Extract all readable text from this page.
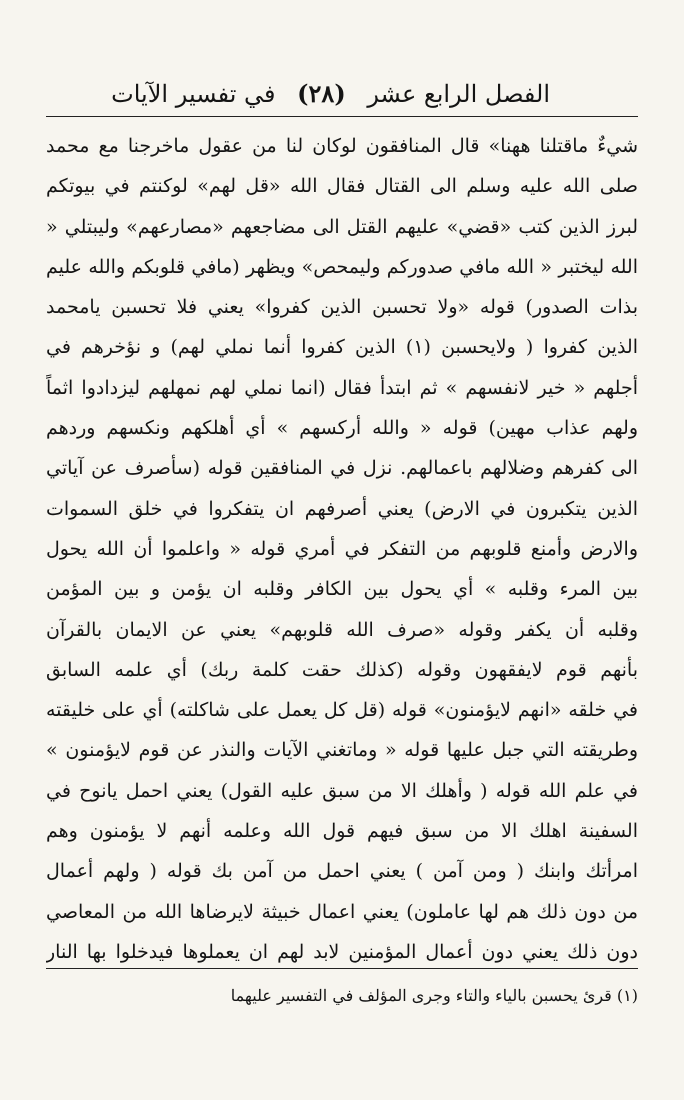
الفصل الرابع عشر (٢٨) في تفسير الآيات
شيءٌ ماقتلنا ههنا» قال المنافقون لوكان لنا من عقول ماخرجنا مع محمد
صلى الله عليه وسلم الى القتال فقال الله «قل لهم» لوكنتم في بيوتكم
لبرز الذين كتب «قضي» عليهم القتل الى مضاجعهم «مصارعهم» وليبتلي «
الله ليختبر « الله مافي صدوركم وليمحص» ويظهر (مافي قلوبكم والله عليم
بذات الصدور) قوله «ولا تحسبن الذين كفروا» يعني فلا تحسبن يامحمد
الذين كفروا ( ولايحسبن (١) الذين كفروا أنما نملي لهم) و نؤخرهم في
أجلهم « خير لانفسهم » ثم ابتدأ فقال (انما نملي لهم نمهلهم ليزدادوا اثماً
ولهم عذاب مهين) قوله « والله أركسهم » أي أهلكهم ونكسهم وردهم
الى كفرهم وضلالهم باعمالهم. نزل في المنافقين قوله (سأصرف عن آياتي
الذين يتكبرون في الارض) يعني أصرفهم ان يتفكروا في خلق السموات
والارض وأمنع قلوبهم من التفكر في أمري قوله « واعلموا أن الله يحول
بين المرء وقلبه » أي يحول بين الكافر وقلبه ان يؤمن و بين المؤمن
وقلبه أن يكفر وقوله «صرف الله قلوبهم» يعني عن الايمان بالقرآن
بأنهم قوم لايفقهون وقوله (كذلك حقت كلمة ربك) أي علمه السابق
في خلقه «انهم لايؤمنون» قوله (قل كل يعمل على شاكلته) أي على خليقته
وطريقته التي جبل عليها قوله « وماتغني الآيات والنذر عن قوم لايؤمنون »
في علم الله قوله ( وأهلك الا من سبق عليه القول) يعني احمل يانوح في
السفينة اهلك الا من سبق فيهم قول الله وعلمه أنهم لا يؤمنون وهم
امرأتك وابنك ( ومن آمن ) يعني احمل من آمن بك قوله ( ولهم أعمال
من دون ذلك هم لها عاملون) يعني اعمال خبيثة لايرضاها الله من المعاصي
دون ذلك يعني دون أعمال المؤمنين لابد لهم ان يعملوها فيدخلوا بها النار
(١) قرئ يحسبن بالياء والتاء وجرى المؤلف في التفسير عليهما
